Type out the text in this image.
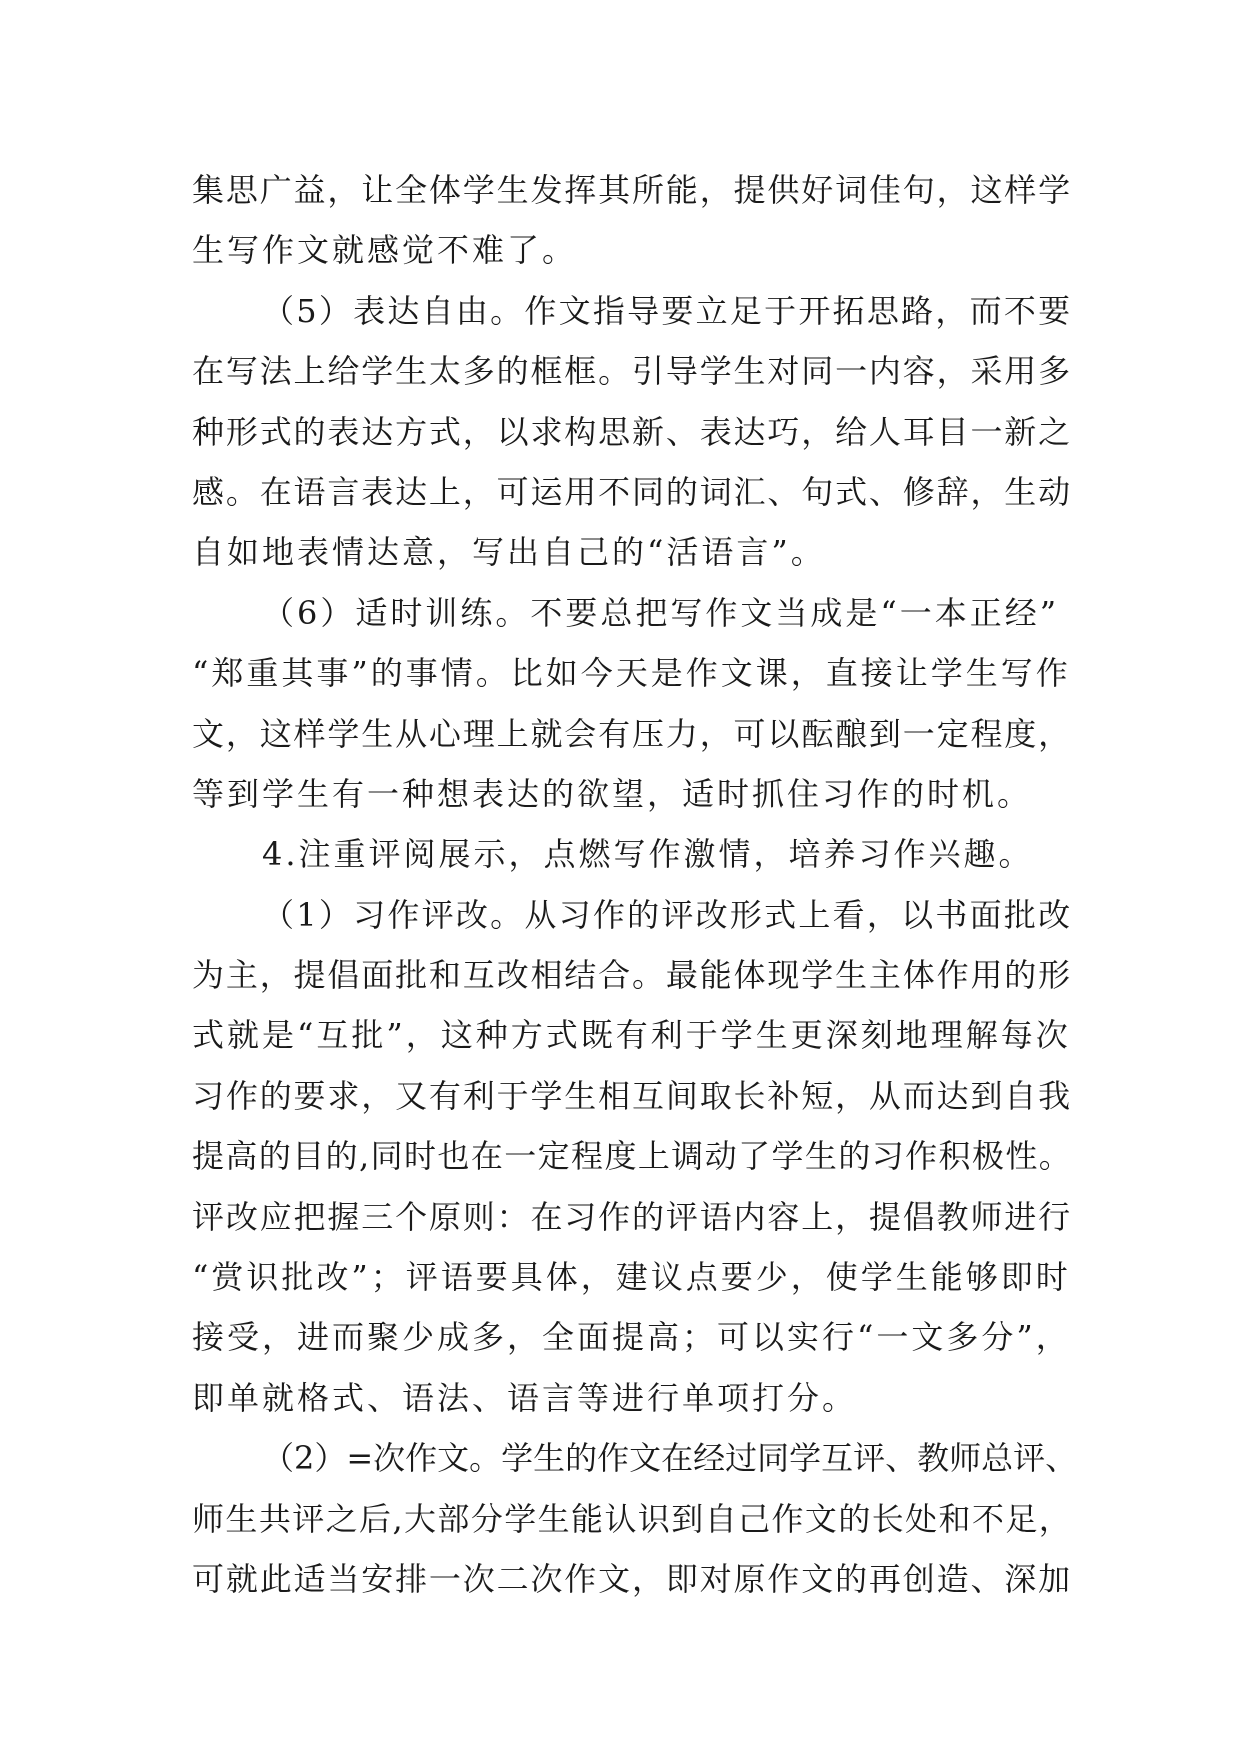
集思广益，让全体学生发挥其所能，提供好词佳句，这样学
生写作文就感觉不难了。
（5）表达自由。作文指导要立足于开拓思路，而不要
在写法上给学生太多的框框。引导学生对同一内容，采用多
种形式的表达方式，以求构思新、表达巧，给人耳目一新之
感。在语言表达上，可运用不同的词汇、句式、修辞，生动
自如地表情达意，写出自己的“活语言”。
（6）适时训练。不要总把写作文当成是“一本正经”
“郑重其事”的事情。比如今天是作文课，直接让学生写作
文，这样学生从心理上就会有压力，可以酝酿到一定程度，
等到学生有一种想表达的欲望，适时抓住习作的时机。
4.注重评阅展示，点燃写作激情，培养习作兴趣。
（1）习作评改。从习作的评改形式上看，以书面批改
为主，提倡面批和互改相结合。最能体现学生主体作用的形
式就是“互批”，这种方式既有利于学生更深刻地理解每次
习作的要求，又有利于学生相互间取长补短，从而达到自我
提高的目的,同时也在一定程度上调动了学生的习作积极性。
评改应把握三个原则：在习作的评语内容上，提倡教师进行
“赏识批改”；评语要具体，建议点要少，使学生能够即时
接受，进而聚少成多，全面提高；可以实行“一文多分”，
即单就格式、语法、语言等进行单项打分。
（2）=次作文。学生的作文在经过同学互评、教师总评、
师生共评之后,大部分学生能认识到自己作文的长处和不足，
可就此适当安排一次二次作文，即对原作文的再创造、深加
